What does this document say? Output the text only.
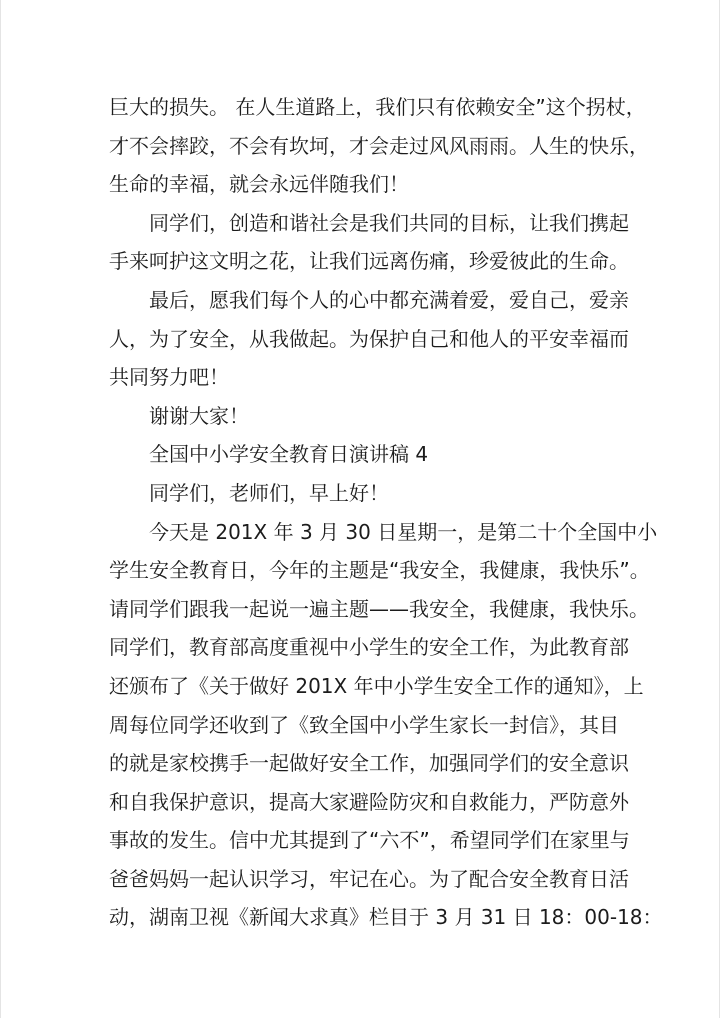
巨大的损失。 在人生道路上，我们只有依赖安全”这个拐杖，
才不会摔跤，不会有坎坷，才会走过风风雨雨。人生的快乐，
生命的幸福，就会永远伴随我们！
同学们，创造和谐社会是我们共同的目标，让我们携起
手来呵护这文明之花，让我们远离伤痛，珍爱彼此的生命。
最后，愿我们每个人的心中都充满着爱，爱自己，爱亲
人，为了安全，从我做起。为保护自己和他人的平安幸福而
共同努力吧！
谢谢大家！
全国中小学安全教育日演讲稿 4
同学们，老师们，早上好！
今天是 201X 年 3 月 30 日星期一，是第二十个全国中小
学生安全教育日，今年的主题是“我安全，我健康，我快乐”。
请同学们跟我一起说一遍主题——我安全，我健康，我快乐。
同学们，教育部高度重视中小学生的安全工作，为此教育部
还颁布了《关于做好 201X 年中小学生安全工作的通知》，上
周每位同学还收到了《致全国中小学生家长一封信》，其目
的就是家校携手一起做好安全工作，加强同学们的安全意识
和自我保护意识，提高大家避险防灾和自救能力，严防意外
事故的发生。信中尤其提到了“六不”，希望同学们在家里与
爸爸妈妈一起认识学习，牢记在心。为了配合安全教育日活
动，湖南卫视《新闻大求真》栏目于 3 月 31 日 18：00-18：
